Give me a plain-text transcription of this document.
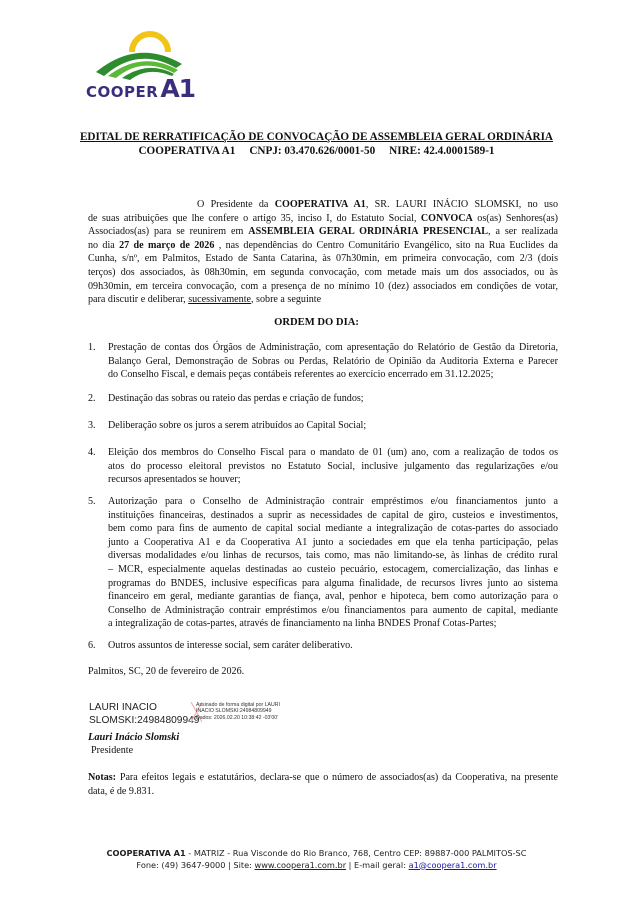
COOPERA1
EDITAL DE RERRATIFICAÇÃO DE CONVOCAÇÃO DE ASSEMBLEIA GERAL ORDINÁRIA
COOPERATIVA A1 CNPJ: 03.470.626/0001-50 NIRE: 42.4.0001589-1
O Presidente da COOPERATIVA A1, SR. LAURI INÁCIO SLOMSKI, no uso
de suas atribuições que lhe confere o artigo 35, inciso I, do Estatuto Social, CONVOCA os(as) Senhores(as)
Associados(as) para se reunirem em ASSEMBLEIA GERAL ORDINÁRIA PRESENCIAL, a ser realizada
no dia 27 de março de 2026 , nas dependências do Centro Comunitário Evangélico, sito na Rua Euclides da
Cunha, s/nº, em Palmitos, Estado de Santa Catarina, às 07h30min, em primeira convocação, com 2/3 (dois
terços) dos associados, às 08h30min, em segunda convocação, com metade mais um dos associados, ou às
09h30min, em terceira convocação, com a presença de no mínimo 10 (dez) associados em condições de votar,
para discutir e deliberar, sucessivamente, sobre a seguinte
ORDEM DO DIA:
1. Prestação de contas dos Órgãos de Administração, com apresentação do Relatório de Gestão da Diretoria,
Balanço Geral, Demonstração de Sobras ou Perdas, Relatório de Opinião da Auditoria Externa e Parecer
do Conselho Fiscal, e demais peças contábeis referentes ao exercício encerrado em 31.12.2025;
2. Destinação das sobras ou rateio das perdas e criação de fundos;
3. Deliberação sobre os juros a serem atribuídos ao Capital Social;
4. Eleição dos membros do Conselho Fiscal para o mandato de 01 (um) ano, com a realização de todos os
atos do processo eleitoral previstos no Estatuto Social, inclusive julgamento das regularizações e/ou
recursos apresentados se houver;
5. Autorização para o Conselho de Administração contrair empréstimos e/ou financiamentos junto a
instituições financeiras, destinados a suprir as necessidades de capital de giro, custeios e investimentos,
bem como para fins de aumento de capital social mediante a integralização de cotas-partes do associado
junto a Cooperativa A1 e da Cooperativa A1 junto a sociedades em que ela tenha participação, pelas
diversas modalidades e/ou linhas de recursos, tais como, mas não limitando-se, às linhas de crédito rural
– MCR, especialmente aquelas destinadas ao custeio pecuário, estocagem, comercialização, das linhas e
programas do BNDES, inclusive específicas para alguma finalidade, de recursos livres junto ao sistema
financeiro em geral, mediante garantias de fiança, aval, penhor e hipoteca, bem como autorização para o
Conselho de Administração contrair empréstimos e/ou financiamentos para aumento de capital, mediante
a integralização de cotas-partes, através de financiamento na linha BNDES Pronaf Cotas-Partes;
6. Outros assuntos de interesse social, sem caráter deliberativo.
Palmitos, SC, 20 de fevereiro de 2026.
LAURI INACIO
SLOMSKI:24984809949
Assinado de forma digital por LAURI
INACIO SLOMSKI:24984809949
Dados: 2026.02.20 10:38:42 -03'00'
Lauri Inácio Slomski
Presidente
Notas: Para efeitos legais e estatutários, declara-se que o número de associados(as) da Cooperativa, na presente
data, é de 9.831.
COOPERATIVA A1 - MATRIZ - Rua Visconde do Rio Branco, 768, Centro CEP: 89887-000 PALMITOS-SC
Fone: (49) 3647-9000 | Site: www.coopera1.com.br | E-mail geral: a1@coopera1.com.br
